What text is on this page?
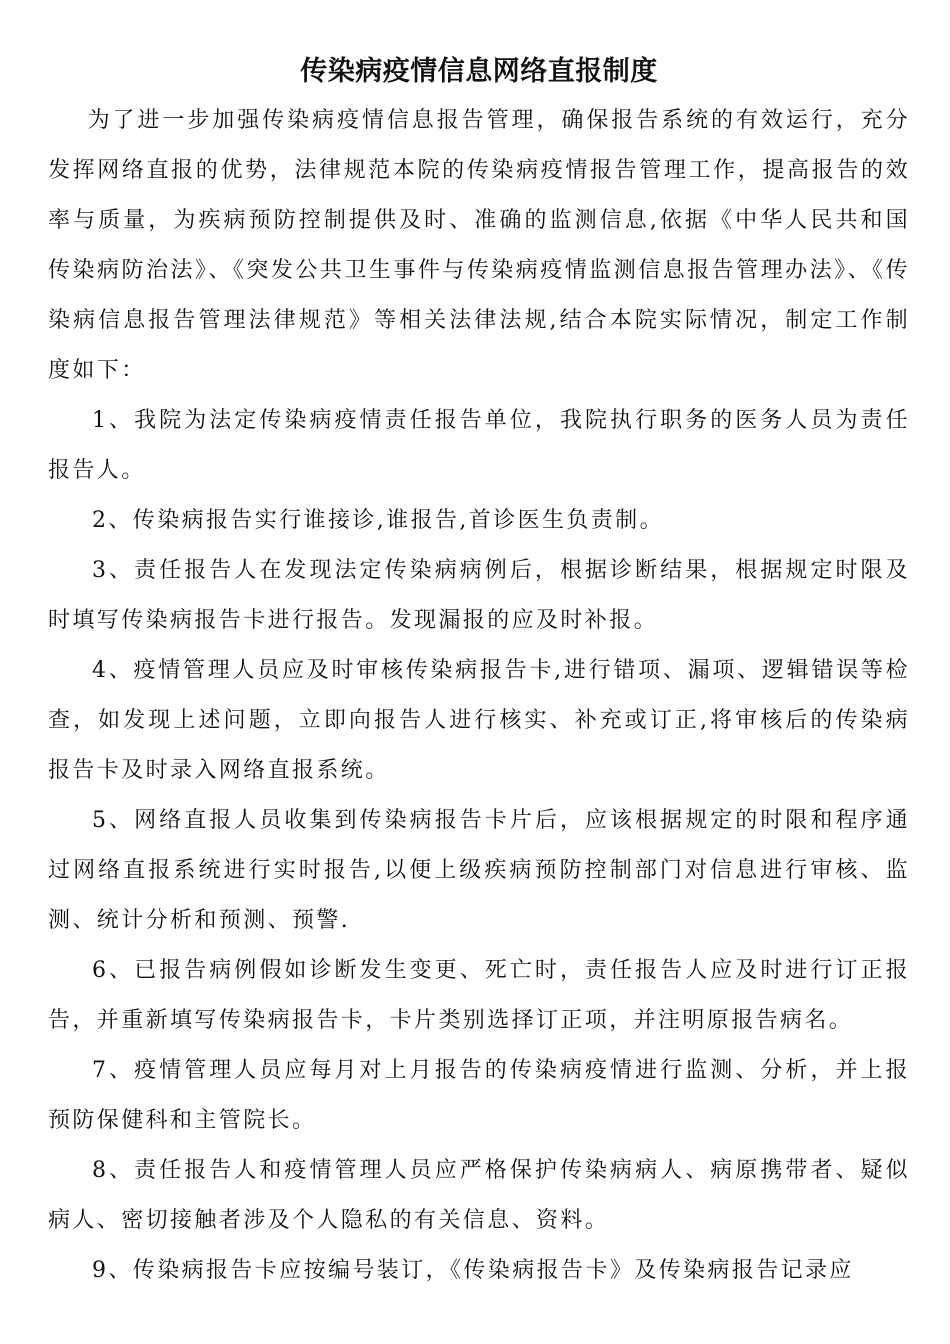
传染病疫情信息网络直报制度

为了进一步加强传染病疫情信息报告管理，确保报告系统的有效运行，充分发挥网络直报的优势，法律规范本院的传染病疫情报告管理工作，提高报告的效率与质量，为疾病预防控制提供及时、准确的监测信息,依据《中华人民共和国传染病防治法》、《突发公共卫生事件与传染病疫情监测信息报告管理办法》、《传染病信息报告管理法律规范》等相关法律法规,结合本院实际情况，制定工作制度如下：

1、我院为法定传染病疫情责任报告单位，我院执行职务的医务人员为责任报告人。

2、传染病报告实行谁接诊,谁报告,首诊医生负责制。

3、责任报告人在发现法定传染病病例后，根据诊断结果，根据规定时限及时填写传染病报告卡进行报告。发现漏报的应及时补报。

4、疫情管理人员应及时审核传染病报告卡,进行错项、漏项、逻辑错误等检查，如发现上述问题，立即向报告人进行核实、补充或订正,将审核后的传染病报告卡及时录入网络直报系统。

5、网络直报人员收集到传染病报告卡片后，应该根据规定的时限和程序通过网络直报系统进行实时报告,以便上级疾病预防控制部门对信息进行审核、监测、统计分析和预测、预警.

6、已报告病例假如诊断发生变更、死亡时，责任报告人应及时进行订正报告，并重新填写传染病报告卡，卡片类别选择订正项，并注明原报告病名。

7、疫情管理人员应每月对上月报告的传染病疫情进行监测、分析，并上报预防保健科和主管院长。

8、责任报告人和疫情管理人员应严格保护传染病病人、病原携带者、疑似病人、密切接触者涉及个人隐私的有关信息、资料。

9、传染病报告卡应按编号装订，《传染病报告卡》及传染病报告记录应
